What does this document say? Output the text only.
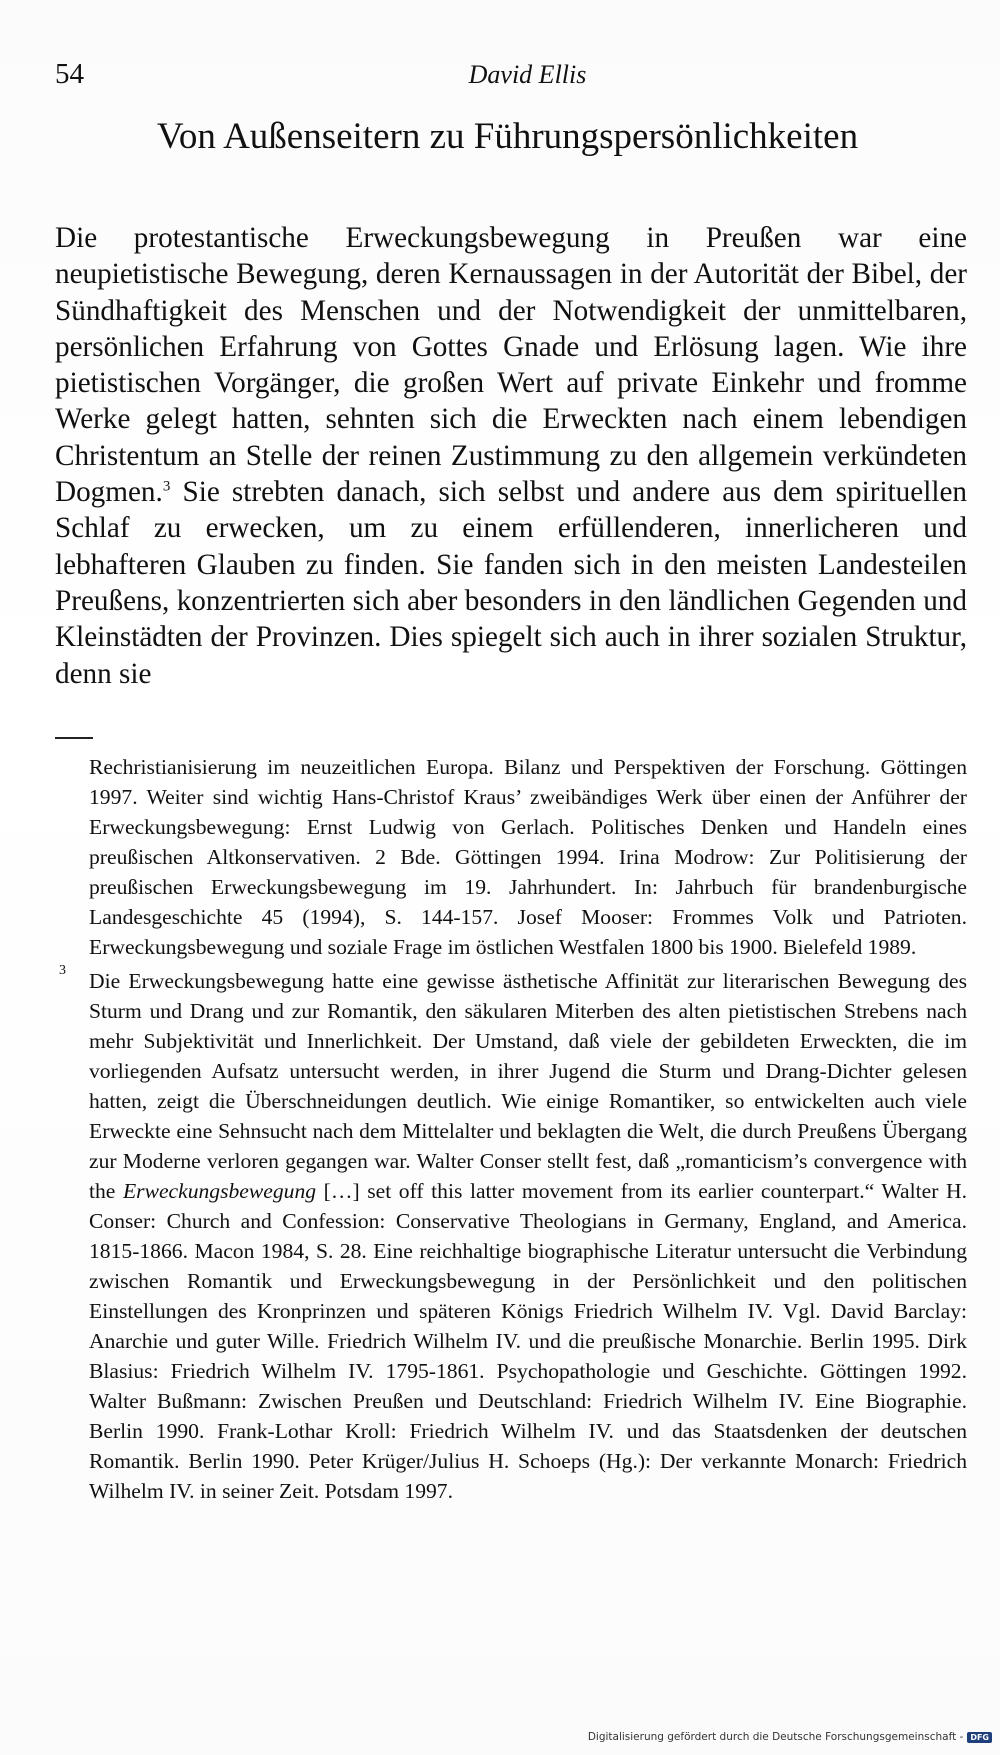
54	David Ellis
Von Außenseitern zu Führungspersönlichkeiten

Die protestantische Erweckungsbewegung in Preußen war eine neupietistische Bewegung, deren Kernaussagen in der Autorität der Bibel, der Sündhaftigkeit des Menschen und der Notwendigkeit der unmittelbaren, persönlichen Erfahrung von Gottes Gnade und Erlösung lagen. Wie ihre pietistischen Vorgänger, die großen Wert auf private Einkehr und fromme Werke gelegt hatten, sehnten sich die Erweckten nach einem lebendigen Christentum an Stelle der reinen Zustimmung zu den allgemein verkündeten Dogmen.$^3$ Sie strebten danach, sich selbst und andere aus dem spirituellen Schlaf zu erwecken, um zu einem erfüllenderen, innerlicheren und lebhafteren Glauben zu finden. Sie fanden sich in den meisten Landesteilen Preußens, konzentrierten sich aber besonders in den ländlichen Gegenden und Kleinstädten der Provinzen. Dies spiegelt sich auch in ihrer sozialen Struktur, denn sie

Rechristianisierung im neuzeitlichen Europa. Bilanz und Perspektiven der Forschung. Göttingen 1997. Weiter sind wichtig Hans-Christof Kraus’ zweibändiges Werk über einen der Anführer der Erweckungsbewegung: Ernst Ludwig von Gerlach. Politisches Denken und Handeln eines preußischen Altkonservativen. 2 Bde. Göttingen 1994. Irina Modrow: Zur Politisierung der preußischen Erweckungsbewegung im 19. Jahrhundert. In: Jahrbuch für brandenburgische Landesgeschichte 45 (1994), S. 144-157. Josef Mooser: Frommes Volk und Patrioten. Erweckungsbewegung und soziale Frage im östlichen Westfalen 1800 bis 1900. Bielefeld 1989.

3 Die Erweckungsbewegung hatte eine gewisse ästhetische Affinität zur literarischen Bewegung des Sturm und Drang und zur Romantik, den säkularen Miterben des alten pietistischen Strebens nach mehr Subjektivität und Innerlichkeit. Der Umstand, daß viele der gebildeten Erweckten, die im vorliegenden Aufsatz untersucht werden, in ihrer Jugend die Sturm und Drang-Dichter gelesen hatten, zeigt die Überschneidungen deutlich. Wie einige Romantiker, so entwickelten auch viele Erweckte eine Sehnsucht nach dem Mittelalter und beklagten die Welt, die durch Preußens Übergang zur Moderne verloren gegangen war. Walter Conser stellt fest, daß „romanticism’s convergence with the Erweckungsbewegung […] set off this latter movement from its earlier counterpart.“ Walter H. Conser: Church and Confession: Conservative Theologians in Germany, England, and America. 1815-1866. Macon 1984, S. 28. Eine reichhaltige biographische Literatur untersucht die Verbindung zwischen Romantik und Erweckungsbewegung in der Persönlichkeit und den politischen Einstellungen des Kronprinzen und späteren Königs Friedrich Wilhelm IV. Vgl. David Barclay: Anarchie und guter Wille. Friedrich Wilhelm IV. und die preußische Monarchie. Berlin 1995. Dirk Blasius: Friedrich Wilhelm IV. 1795-1861. Psychopathologie und Geschichte. Göttingen 1992. Walter Bußmann: Zwischen Preußen und Deutschland: Friedrich Wilhelm IV. Eine Biographie. Berlin 1990. Frank-Lothar Kroll: Friedrich Wilhelm IV. und das Staatsdenken der deutschen Romantik. Berlin 1990. Peter Krüger/Julius H. Schoeps (Hg.): Der verkannte Monarch: Friedrich Wilhelm IV. in seiner Zeit. Potsdam 1997.

Digitalisierung gefördert durch die Deutsche Forschungsgemeinschaft - DFG
